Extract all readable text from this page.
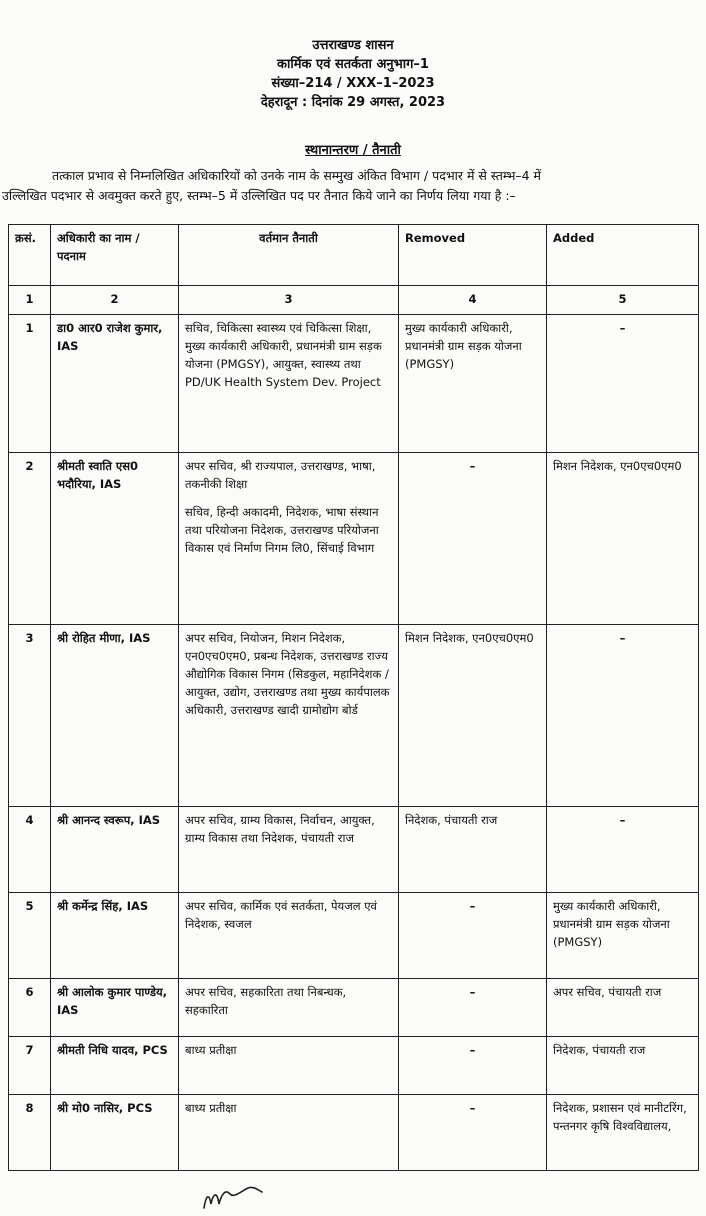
उत्तराखण्ड शासन
कार्मिक एवं सतर्कता अनुभाग–1
संख्या–214 / XXX–1–2023
देहरादून : दिनांक 29 अगस्त, 2023
स्थानान्तरण / तैनाती
तत्काल प्रभाव से निम्नलिखित अधिकारियों को उनके नाम के सम्मुख अंकित विभाग / पदभार में से स्तम्भ–4 में
उल्लिखित पदभार से अवमुक्त करते हुए, स्तम्भ–5 में उल्लिखित पद पर तैनात किये जाने का निर्णय लिया गया है :–
क्रसं.	अधिकारी का नाम / पदनाम	वर्तमान तैनाती	Removed	Added
1	2	3	4	5
1	डा0 आर0 राजेश कुमार, IAS	सचिव, चिकित्सा स्वास्थ्य एवं चिकित्सा शिक्षा, मुख्य कार्यकारी अधिकारी, प्रधानमंत्री ग्राम सड़क योजना (PMGSY), आयुक्त, स्वास्थ्य तथा PD/UK Health System Dev. Project	मुख्य कार्यकारी अधिकारी, प्रधानमंत्री ग्राम सड़क योजना (PMGSY)	–
2	श्रीमती स्वाति एस0 भदौरिया, IAS	अपर सचिव, श्री राज्यपाल, उत्तराखण्ड, भाषा, तकनीकी शिक्षा
सचिव, हिन्दी अकादमी, निदेशक, भाषा संस्थान तथा परियोजना निदेशक, उत्तराखण्ड परियोजना विकास एवं निर्माण निगम लि0, सिंचाई विभाग	–	मिशन निदेशक, एन0एच0एम0
3	श्री रोहित मीणा, IAS	अपर सचिव, नियोजन, मिशन निदेशक, एन0एच0एम0, प्रबन्ध निदेशक, उत्तराखण्ड राज्य औद्योगिक विकास निगम (सिडकुल, महानिदेशक / आयुक्त, उद्योग, उत्तराखण्ड तथा मुख्य कार्यपालक अधिकारी, उत्तराखण्ड खादी ग्रामोद्योग बोर्ड	मिशन निदेशक, एन0एच0एम0	–
4	श्री आनन्द स्वरूप, IAS	अपर सचिव, ग्राम्य विकास, निर्वाचन, आयुक्त, ग्राम्य विकास तथा निदेशक, पंचायती राज	निदेशक, पंचायती राज	–
5	श्री कर्मेन्द्र सिंह, IAS	अपर सचिव, कार्मिक एवं सतर्कता, पेयजल एवं निदेशक, स्वजल	–	मुख्य कार्यकारी अधिकारी, प्रधानमंत्री ग्राम सड़क योजना (PMGSY)
6	श्री आलोक कुमार पाण्डेय, IAS	अपर सचिव, सहकारिता तथा निबन्धक, सहकारिता	–	अपर सचिव, पंचायती राज
7	श्रीमती निधि यादव, PCS	बाध्य प्रतीक्षा	–	निदेशक, पंचायती राज
8	श्री मो0 नासिर, PCS	बाध्य प्रतीक्षा	–	निदेशक, प्रशासन एवं मानीटरिंग, पन्तनगर कृषि विश्वविद्यालय,
